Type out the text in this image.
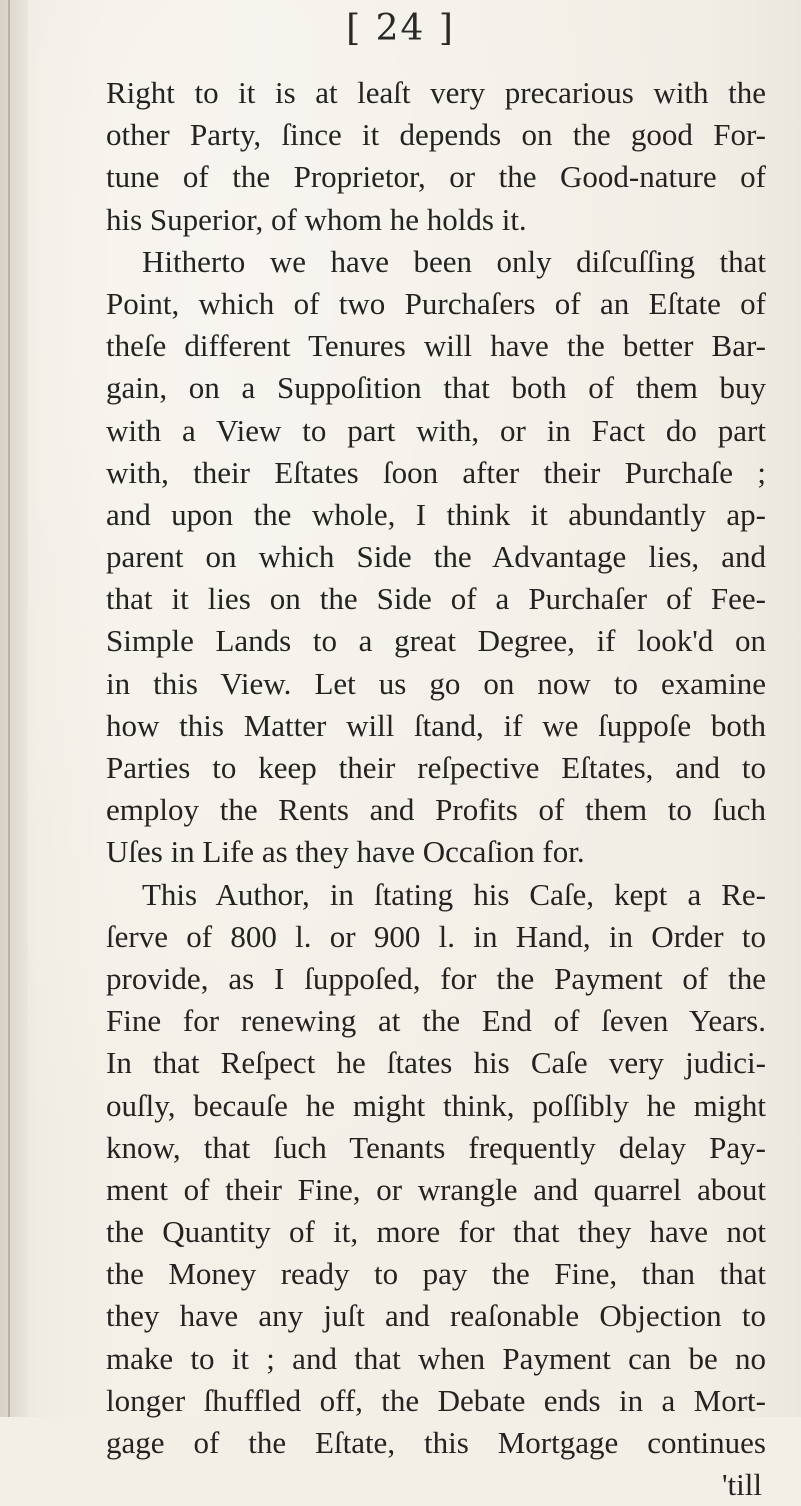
[ 24 ]
Right to it is at leaſt very precarious with the
other Party, ſince it depends on the good For-
tune of the Proprietor, or the Good-nature of
his Superior, of whom he holds it.
Hitherto we have been only diſcuſſing that
Point, which of two Purchaſers of an Eſtate of
theſe different Tenures will have the better Bar-
gain, on a Suppoſition that both of them buy
with a View to part with, or in Fact do part
with, their Eſtates ſoon after their Purchaſe ;
and upon the whole, I think it abundantly ap-
parent on which Side the Advantage lies, and
that it lies on the Side of a Purchaſer of Fee-
Simple Lands to a great Degree, if look'd on
in this View. Let us go on now to examine
how this Matter will ſtand, if we ſuppoſe both
Parties to keep their reſpective Eſtates, and to
employ the Rents and Profits of them to ſuch
Uſes in Life as they have Occaſion for.
This Author, in ſtating his Caſe, kept a Re-
ſerve of 800 l. or 900 l. in Hand, in Order to
provide, as I ſuppoſed, for the Payment of the
Fine for renewing at the End of ſeven Years.
In that Reſpect he ſtates his Caſe very judici-
ouſly, becauſe he might think, poſſibly he might
know, that ſuch Tenants frequently delay Pay-
ment of their Fine, or wrangle and quarrel about
the Quantity of it, more for that they have not
the Money ready to pay the Fine, than that
they have any juſt and reaſonable Objection to
make to it ; and that when Payment can be no
longer ſhuffled off, the Debate ends in a Mort-
gage of the Eſtate, this Mortgage continues
'till
